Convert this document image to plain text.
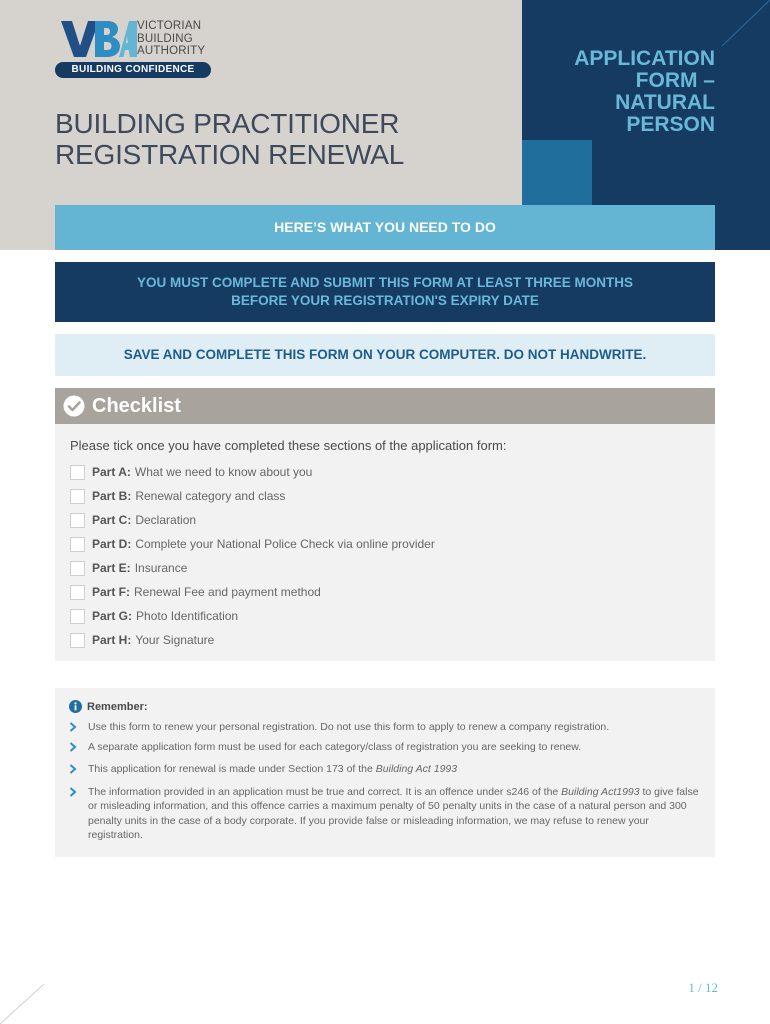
VICTORIAN
BUILDING
AUTHORITY
BUILDING CONFIDENCE
BUILDING PRACTITIONER
REGISTRATION RENEWAL
APPLICATION
FORM –
NATURAL
PERSON
HERE’S WHAT YOU NEED TO DO
YOU MUST COMPLETE AND SUBMIT THIS FORM AT LEAST THREE MONTHS
BEFORE YOUR REGISTRATION'S EXPIRY DATE
SAVE AND COMPLETE THIS FORM ON YOUR COMPUTER. DO NOT HANDWRITE.
Checklist
Please tick once you have completed these sections of the application form:
Part A: What we need to know about you
Part B: Renewal category and class
Part C: Declaration
Part D: Complete your National Police Check via online provider
Part E: Insurance
Part F: Renewal Fee and payment method
Part G: Photo Identification
Part H: Your Signature
Remember:
Use this form to renew your personal registration. Do not use this form to apply to renew a company registration.
A separate application form must be used for each category/class of registration you are seeking to renew.
This application for renewal is made under Section 173 of the Building Act 1993
The information provided in an application must be true and correct. It is an offence under s246 of the Building Act1993 to give false or misleading information, and this offence carries a maximum penalty of 50 penalty units in the case of a natural person and 300 penalty units in the case of a body corporate. If you provide false or misleading information, we may refuse to renew your registration.
1 / 12
